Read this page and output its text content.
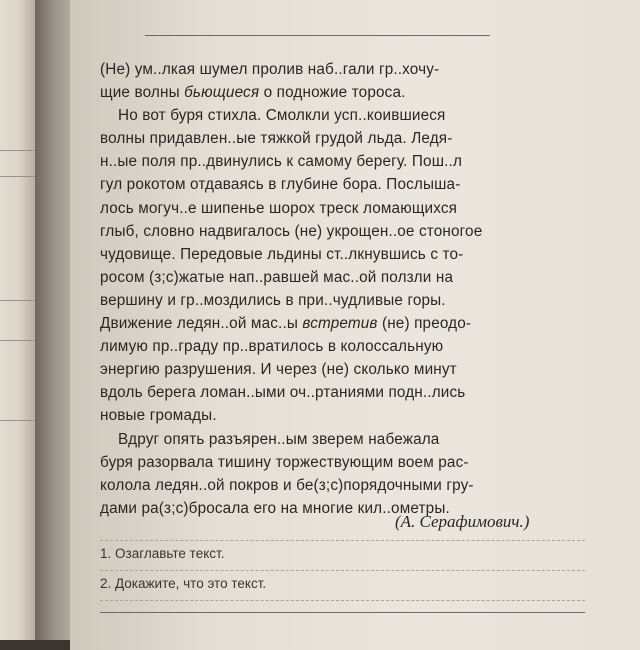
(Не) ум..лкая шумел пролив наб..гали гр..хочу-

щие волны бьющиеся о подножие тороса.

Но вот буря стихла. Смолкли усп..коившиеся

волны придавлен..ые тяжкой грудой льда. Ледя-

н..ые поля пр..двинулись к самому берегу. Пош..л

гул рокотом отдаваясь в глубине бора. Послыша-

лось могуч..е шипенье шорох треск ломающихся

глыб, словно надвигалось (не) укрощен..ое стоногое

чудовище. Передовые льдины ст..лкнувшись с то-

росом (з;с)жатые нап..равшей мас..ой ползли на

вершину и гр..моздились в при..чудливые горы.

Движение ледян..ой мас..ы встретив (не) преодо-

лимую пр..граду пр..вратилось в колоссальную

энергию разрушения. И через (не) сколько минут

вдоль берега ломан..ыми оч..ртаниями подн..лись

новые громады.

Вдруг опять разъярен..ым зверем набежала

буря разорвала тишину торжествующим воем рас-

колола ледян..ой покров и бе(з;с)порядочными гру-

дами ра(з;с)бросала его на многие кил..ометры.

(А. Серафимович.)
1. Озаглавьте текст.
2. Докажите, что это текст.
